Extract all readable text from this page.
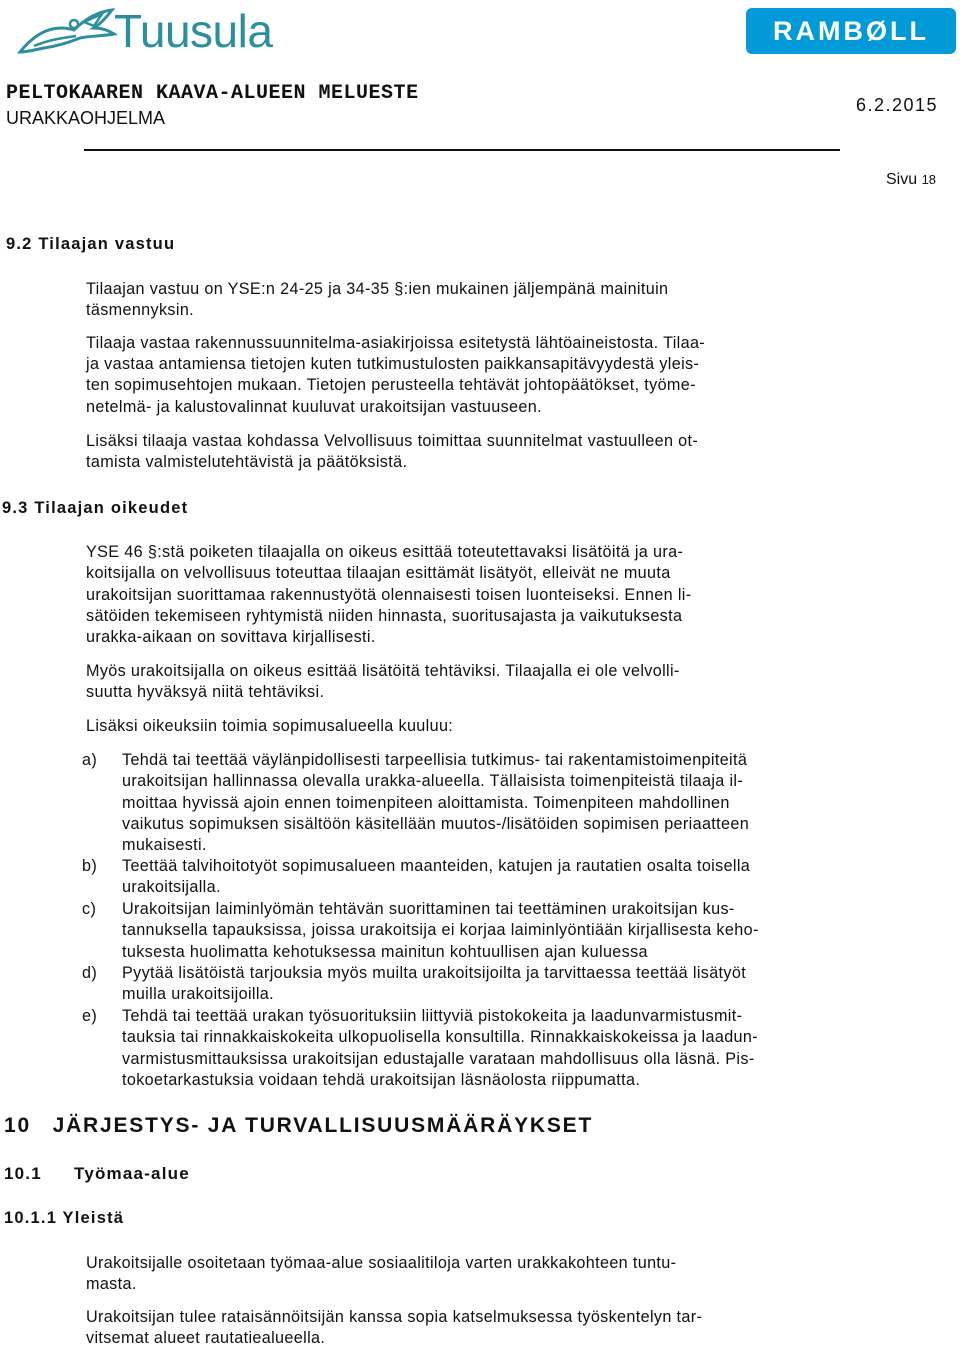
Tuusula	RAMBØLL
PELTOKAAREN KAAVA-ALUEEN MELUESTE
URAKKAOHJELMA
6.2.2015
Sivu 18
9.2 Tilaajan vastuu
Tilaajan vastuu on YSE:n 24-25 ja 34-35 §:ien mukainen jäljempänä mainituin
täsmennyksin.
Tilaaja vastaa rakennussuunnitelma-asiakirjoissa esitetystä lähtöaineistosta. Tilaa-
ja vastaa antamiensa tietojen kuten tutkimustulosten paikkansapitävyydestä yleis-
ten sopimusehtojen mukaan. Tietojen perusteella tehtävät johtopäätökset, työme-
netelmä- ja kalustovalinnat kuuluvat urakoitsijan vastuuseen.
Lisäksi tilaaja vastaa kohdassa Velvollisuus toimittaa suunnitelmat vastuulleen ot-
tamista valmistelutehtävistä ja päätöksistä.
9.3 Tilaajan oikeudet
YSE 46 §:stä poiketen tilaajalla on oikeus esittää toteutettavaksi lisätöitä ja ura-
koitsijalla on velvollisuus toteuttaa tilaajan esittämät lisätyöt, elleivät ne muuta
urakoitsijan suorittamaa rakennustyötä olennaisesti toisen luonteiseksi. Ennen li-
sätöiden tekemiseen ryhtymistä niiden hinnasta, suoritusajasta ja vaikutuksesta
urakka-aikaan on sovittava kirjallisesti.
Myös urakoitsijalla on oikeus esittää lisätöitä tehtäviksi. Tilaajalla ei ole velvolli-
suutta hyväksyä niitä tehtäviksi.
Lisäksi oikeuksiin toimia sopimusalueella kuuluu:
a) Tehdä tai teettää väylänpidollisesti tarpeellisia tutkimus- tai rakentamistoimenpiteitä
urakoitsijan hallinnassa olevalla urakka-alueella. Tällaisista toimenpiteistä tilaaja il-
moittaa hyvissä ajoin ennen toimenpiteen aloittamista. Toimenpiteen mahdollinen
vaikutus sopimuksen sisältöön käsitellään muutos-/lisätöiden sopimisen periaatteen
mukaisesti.
b) Teettää talvihoitotyöt sopimusalueen maanteiden, katujen ja rautatien osalta toisella
urakoitsijalla.
c) Urakoitsijan laiminlyömän tehtävän suorittaminen tai teettäminen urakoitsijan kus-
tannuksella tapauksissa, joissa urakoitsija ei korjaa laiminlyöntiään kirjallisesta keho-
tuksesta huolimatta kehotuksessa mainitun kohtuullisen ajan kuluessa
d) Pyytää lisätöistä tarjouksia myös muilta urakoitsijoilta ja tarvittaessa teettää lisätyöt
muilla urakoitsijoilla.
e) Tehdä tai teettää urakan työsuorituksiin liittyviä pistokokeita ja laadunvarmistusmit-
tauksia tai rinnakkaiskokeita ulkopuolisella konsultilla. Rinnakkaiskokeissa ja laadun-
varmistusmittauksissa urakoitsijan edustajalle varataan mahdollisuus olla läsnä. Pis-
tokoetarkastuksia voidaan tehdä urakoitsijan läsnäolosta riippumatta.
10 JÄRJESTYS- JA TURVALLISUUSMÄÄRÄYKSET
10.1 Työmaa-alue
10.1.1 Yleistä
Urakoitsijalle osoitetaan työmaa-alue sosiaalitiloja varten urakkakohteen tuntu-
masta.
Urakoitsijan tulee rataisännöitsijän kanssa sopia katselmuksessa työskentelyn tar-
vitsemat alueet rautatiealueella.
